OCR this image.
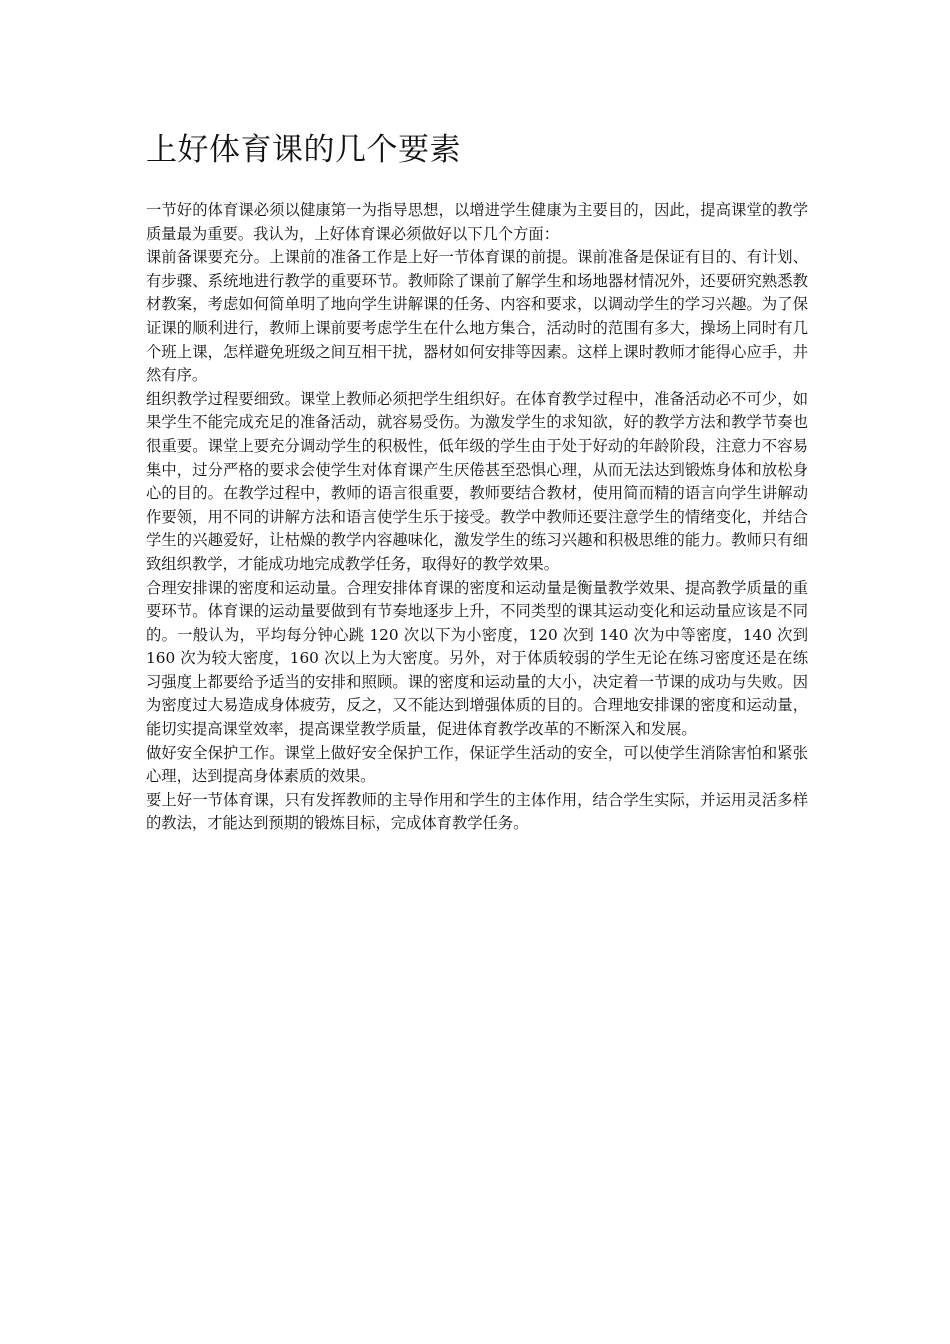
上好体育课的几个要素

一节好的体育课必须以健康第一为指导思想，以增进学生健康为主要目的，因此，提高课堂的教学质量最为重要。我认为，上好体育课必须做好以下几个方面：

课前备课要充分。上课前的准备工作是上好一节体育课的前提。课前准备是保证有目的、有计划、有步骤、系统地进行教学的重要环节。教师除了课前了解学生和场地器材情况外，还要研究熟悉教材教案，考虑如何简单明了地向学生讲解课的任务、内容和要求，以调动学生的学习兴趣。为了保证课的顺利进行，教师上课前要考虑学生在什么地方集合，活动时的范围有多大，操场上同时有几个班上课，怎样避免班级之间互相干扰，器材如何安排等因素。这样上课时教师才能得心应手，井然有序。

组织教学过程要细致。课堂上教师必须把学生组织好。在体育教学过程中，准备活动必不可少，如果学生不能完成充足的准备活动，就容易受伤。为激发学生的求知欲，好的教学方法和教学节奏也很重要。课堂上要充分调动学生的积极性，低年级的学生由于处于好动的年龄阶段，注意力不容易集中，过分严格的要求会使学生对体育课产生厌倦甚至恐惧心理，从而无法达到锻炼身体和放松身心的目的。在教学过程中，教师的语言很重要，教师要结合教材，使用简而精的语言向学生讲解动作要领，用不同的讲解方法和语言使学生乐于接受。教学中教师还要注意学生的情绪变化，并结合学生的兴趣爱好，让枯燥的教学内容趣味化，激发学生的练习兴趣和积极思维的能力。教师只有细致组织教学，才能成功地完成教学任务，取得好的教学效果。

合理安排课的密度和运动量。合理安排体育课的密度和运动量是衡量教学效果、提高教学质量的重要环节。体育课的运动量要做到有节奏地逐步上升，不同类型的课其运动变化和运动量应该是不同的。一般认为，平均每分钟心跳 120 次以下为小密度，120 次到 140 次为中等密度，140 次到 160 次为较大密度，160 次以上为大密度。另外，对于体质较弱的学生无论在练习密度还是在练习强度上都要给予适当的安排和照顾。课的密度和运动量的大小，决定着一节课的成功与失败。因为密度过大易造成身体疲劳，反之，又不能达到增强体质的目的。合理地安排课的密度和运动量，能切实提高课堂效率，提高课堂教学质量，促进体育教学改革的不断深入和发展。

做好安全保护工作。课堂上做好安全保护工作，保证学生活动的安全，可以使学生消除害怕和紧张心理，达到提高身体素质的效果。

要上好一节体育课，只有发挥教师的主导作用和学生的主体作用，结合学生实际，并运用灵活多样的教法，才能达到预期的锻炼目标，完成体育教学任务。
